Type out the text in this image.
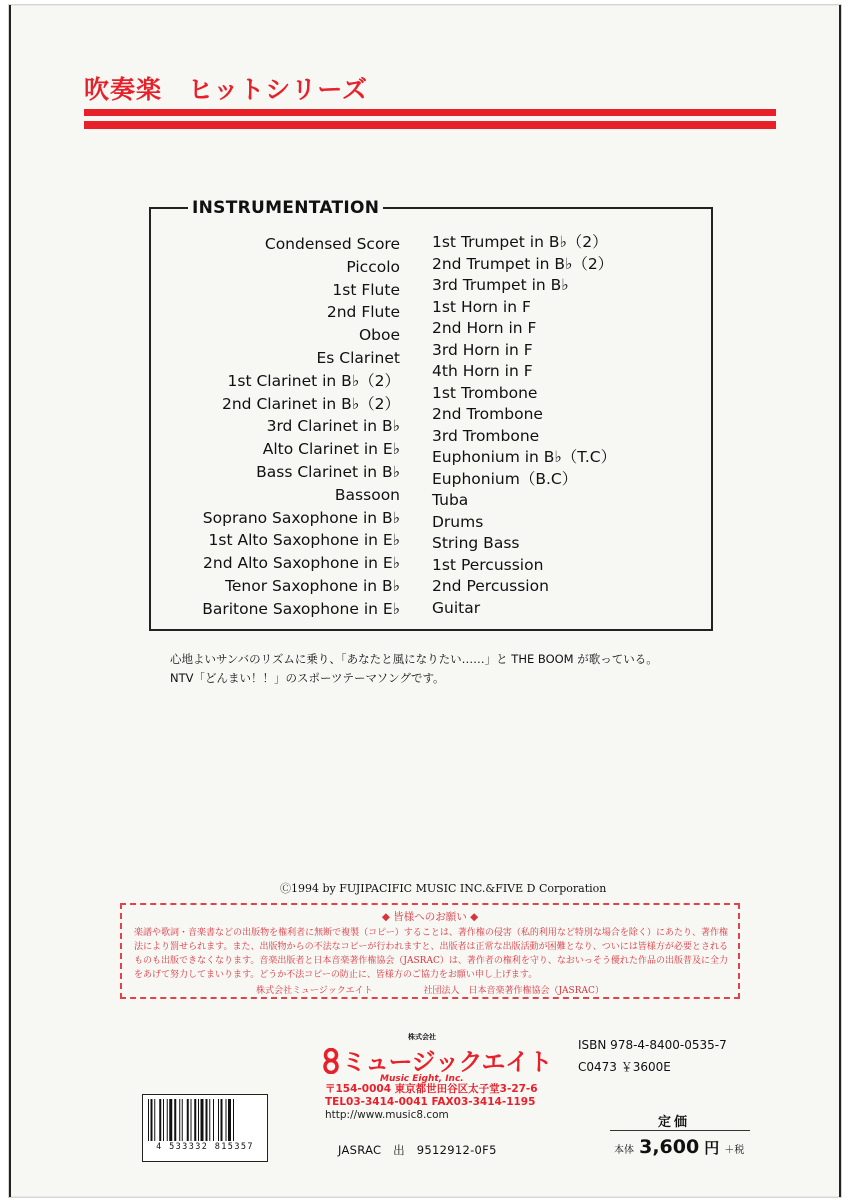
吹奏楽　ヒットシリーズ
INSTRUMENTATION
Condensed Score
Piccolo
1st Flute
2nd Flute
Oboe
Es Clarinet
1st Clarinet in B♭（2）
2nd Clarinet in B♭（2）
3rd Clarinet in B♭
Alto Clarinet in E♭
Bass Clarinet in B♭
Bassoon
Soprano Saxophone in B♭
1st Alto Saxophone in E♭
2nd Alto Saxophone in E♭
Tenor Saxophone in B♭
Baritone Saxophone in E♭
1st Trumpet in B♭（2）
2nd Trumpet in B♭（2）
3rd Trumpet in B♭
1st Horn in F
2nd Horn in F
3rd Horn in F
4th Horn in F
1st Trombone
2nd Trombone
3rd Trombone
Euphonium in B♭（T.C）
Euphonium（B.C）
Tuba
Drums
String Bass
1st Percussion
2nd Percussion
Guitar
心地よいサンバのリズムに乗り、「あなたと風になりたい……」と THE BOOM が歌っている。
NTV「どんまい！！」のスポーツテーマソングです。
Ⓒ1994 by FUJIPACIFIC MUSIC INC.&FIVE D Corporation
◆ 皆様へのお願い ◆
楽譜や歌詞・音楽書などの出版物を権利者に無断で複製（コピー）することは、著作権の侵害（私的利用など特別な場合を除く）にあたり、著作権法により罰せられます。また、出版物からの不法なコピーが行われますと、出版者は正常な出版活動が困難となり、ついには皆様方が必要とされるものも出版できなくなります。音楽出版者と日本音楽著作権協会（JASRAC）は、著作者の権利を守り、なおいっそう優れた作品の出版普及に全力をあげて努力してまいります。どうか不法コピーの防止に、皆様方のご協力をお願い申し上げます。
株式会社ミュージックエイト	社団法人　日本音楽著作権協会（JASRAC）
株式会社
ミュージックエイト
Music Eight, Inc.
〒154-0004 東京都世田谷区太子堂3-27-6
TEL03-3414-0041 FAX03-3414-1195
http://www.music8.com
ISBN 978-4-8400-0535-7
C0473 ￥3600E
4 533332 815357	JASRAC　出　9512912-0F5
定価
本体 3,600 円 ＋税
